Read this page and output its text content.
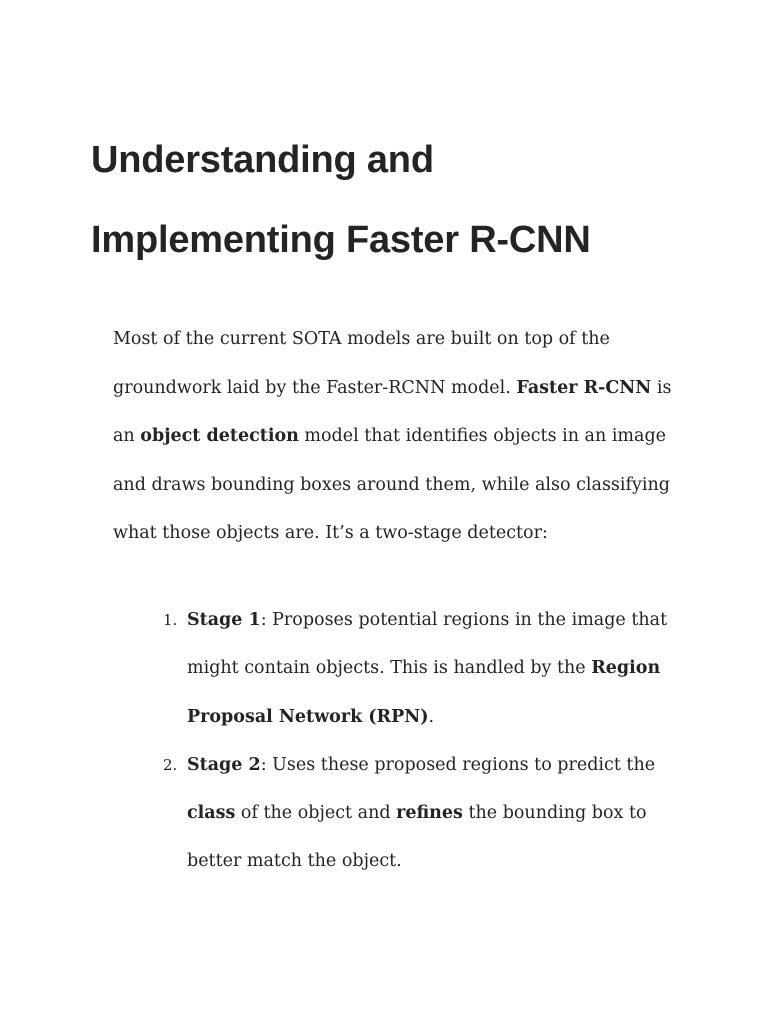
Understanding and
Implementing Faster R-CNN

Most of the current SOTA models are built on top of the
groundwork laid by the Faster-RCNN model. Faster R-CNN is
an object detection model that identifies objects in an image
and draws bounding boxes around them, while also classifying
what those objects are. It’s a two-stage detector:

1. Stage 1: Proposes potential regions in the image that
might contain objects. This is handled by the Region
Proposal Network (RPN).
2. Stage 2: Uses these proposed regions to predict the
class of the object and refines the bounding box to
better match the object.
